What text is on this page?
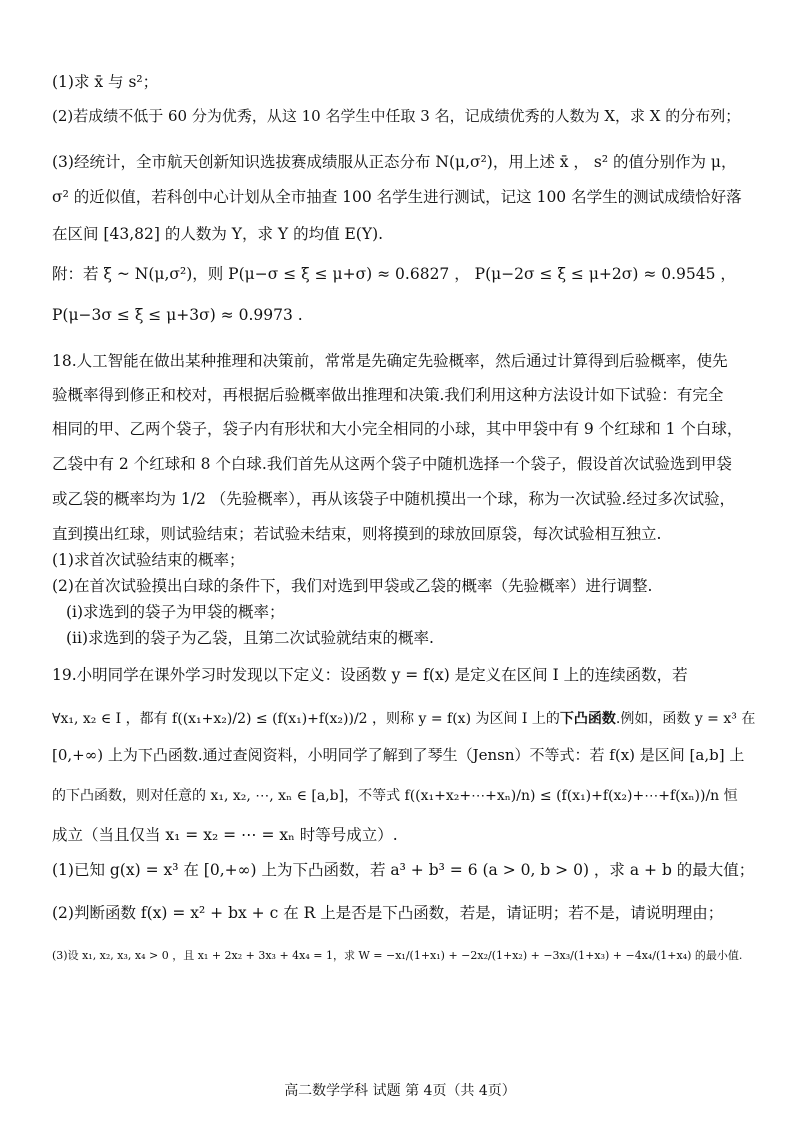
(1)求 x̄ 与 s²；
(2)若成绩不低于 60 分为优秀，从这 10 名学生中任取 3 名，记成绩优秀的人数为 X，求 X 的分布列；
(3)经统计，全市航天创新知识选拔赛成绩服从正态分布 N(μ,σ²)，用上述 x̄ ， s² 的值分别作为 μ，
σ² 的近似值，若科创中心计划从全市抽查 100 名学生进行测试，记这 100 名学生的测试成绩恰好落
在区间 [43,82] 的人数为 Y，求 Y 的均值 E(Y).
附：若 ξ ~ N(μ,σ²)，则 P(μ−σ ≤ ξ ≤ μ+σ) ≈ 0.6827 ， P(μ−2σ ≤ ξ ≤ μ+2σ) ≈ 0.9545 ，
P(μ−3σ ≤ ξ ≤ μ+3σ) ≈ 0.9973 .
18.人工智能在做出某种推理和决策前，常常是先确定先验概率，然后通过计算得到后验概率，使先
验概率得到修正和校对，再根据后验概率做出推理和决策.我们利用这种方法设计如下试验：有完全
相同的甲、乙两个袋子，袋子内有形状和大小完全相同的小球，其中甲袋中有 9 个红球和 1 个白球，
乙袋中有 2 个红球和 8 个白球.我们首先从这两个袋子中随机选择一个袋子，假设首次试验选到甲袋
或乙袋的概率均为 1/2 （先验概率），再从该袋子中随机摸出一个球，称为一次试验.经过多次试验，
直到摸出红球，则试验结束；若试验未结束，则将摸到的球放回原袋，每次试验相互独立.
(1)求首次试验结束的概率；
(2)在首次试验摸出白球的条件下，我们对选到甲袋或乙袋的概率（先验概率）进行调整.
(i)求选到的袋子为甲袋的概率；
(ii)求选到的袋子为乙袋，且第二次试验就结束的概率.
19.小明同学在课外学习时发现以下定义：设函数 y = f(x) 是定义在区间 I 上的连续函数，若
∀x₁, x₂ ∈ I ，都有 f((x₁+x₂)/2) ≤ (f(x₁)+f(x₂))/2 ，则称 y = f(x) 为区间 I 上的下凸函数.例如，函数 y = x³ 在
[0,+∞) 上为下凸函数.通过查阅资料，小明同学了解到了琴生（Jensn）不等式：若 f(x) 是区间 [a,b] 上
的下凸函数，则对任意的 x₁, x₂, ⋯, xₙ ∈ [a,b]，不等式 f((x₁+x₂+⋯+xₙ)/n) ≤ (f(x₁)+f(x₂)+⋯+f(xₙ))/n 恒
成立（当且仅当 x₁ = x₂ = ⋯ = xₙ 时等号成立）.
(1)已知 g(x) = x³ 在 [0,+∞) 上为下凸函数，若 a³ + b³ = 6 (a > 0, b > 0) ，求 a + b 的最大值；
(2)判断函数 f(x) = x² + bx + c 在 R 上是否是下凸函数，若是，请证明；若不是，请说明理由；
(3)设 x₁, x₂, x₃, x₄ > 0 ，且 x₁ + 2x₂ + 3x₃ + 4x₄ = 1，求 W = −x₁/(1+x₁) + −2x₂/(1+x₂) + −3x₃/(1+x₃) + −4x₄/(1+x₄) 的最小值.
高二数学学科 试题 第 4页（共 4页）
